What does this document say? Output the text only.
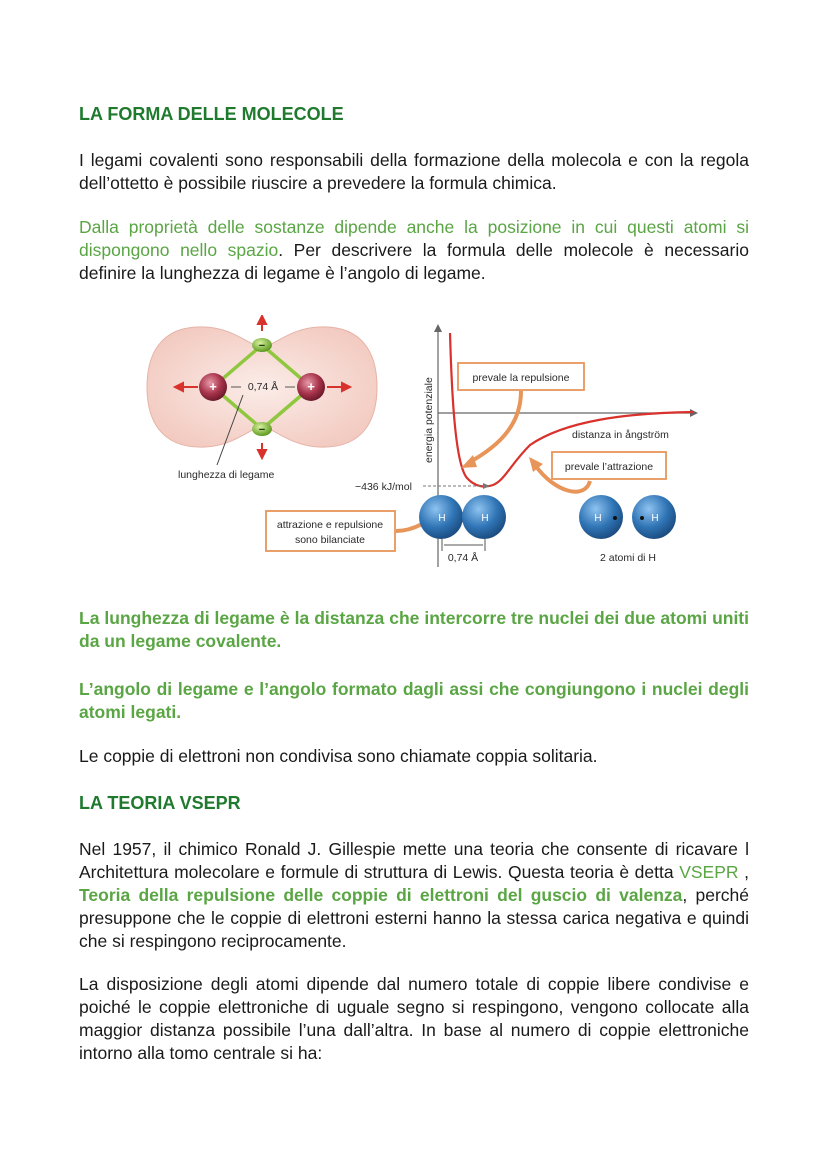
LA FORMA DELLE MOLECOLE

I legami covalenti sono responsabili della formazione della molecola e con la regola dell’ottetto è possibile riuscire a prevedere la formula chimica.

Dalla proprietà delle sostanze dipende anche la posizione in cui questi atomi si dispongono nello spazio. Per descrivere la formula delle molecole è necessario definire la lunghezza di legame è l’angolo di legame.

La lunghezza di legame è la distanza che intercorre tre nuclei dei due atomi uniti da un legame covalente.

L’angolo di legame e l’angolo formato dagli assi che congiungono i nuclei degli atomi legati.

Le coppie di elettroni non condivisa sono chiamate coppia solitaria.

LA TEORIA VSEPR

Nel 1957, il chimico Ronald J. Gillespie mette una teoria che consente di ricavare l Architettura molecolare e formule di struttura di Lewis. Questa teoria è detta VSEPR , Teoria della repulsione delle coppie di elettroni del guscio di valenza, perché presuppone che le coppie di elettroni esterni hanno la stessa carica negativa e quindi che si respingono reciprocamente.

La disposizione degli atomi dipende dal numero totale di coppie libere condivise e poiché le coppie elettroniche di uguale segno si respingono, vengono collocate alla maggior distanza possibile l’una dall’altra. In base al numero di coppie elettroniche intorno alla tomo centrale si ha:

+	+
−
−
0,74 Å
lunghezza di legame
energia potenziale	distanza in ångström
−436 kJ/mol
prevale la repulsione
prevale l’attrazione
attrazione e repulsione
sono bilanciate
H	H
0,74 Å
H	H
2 atomi di H
